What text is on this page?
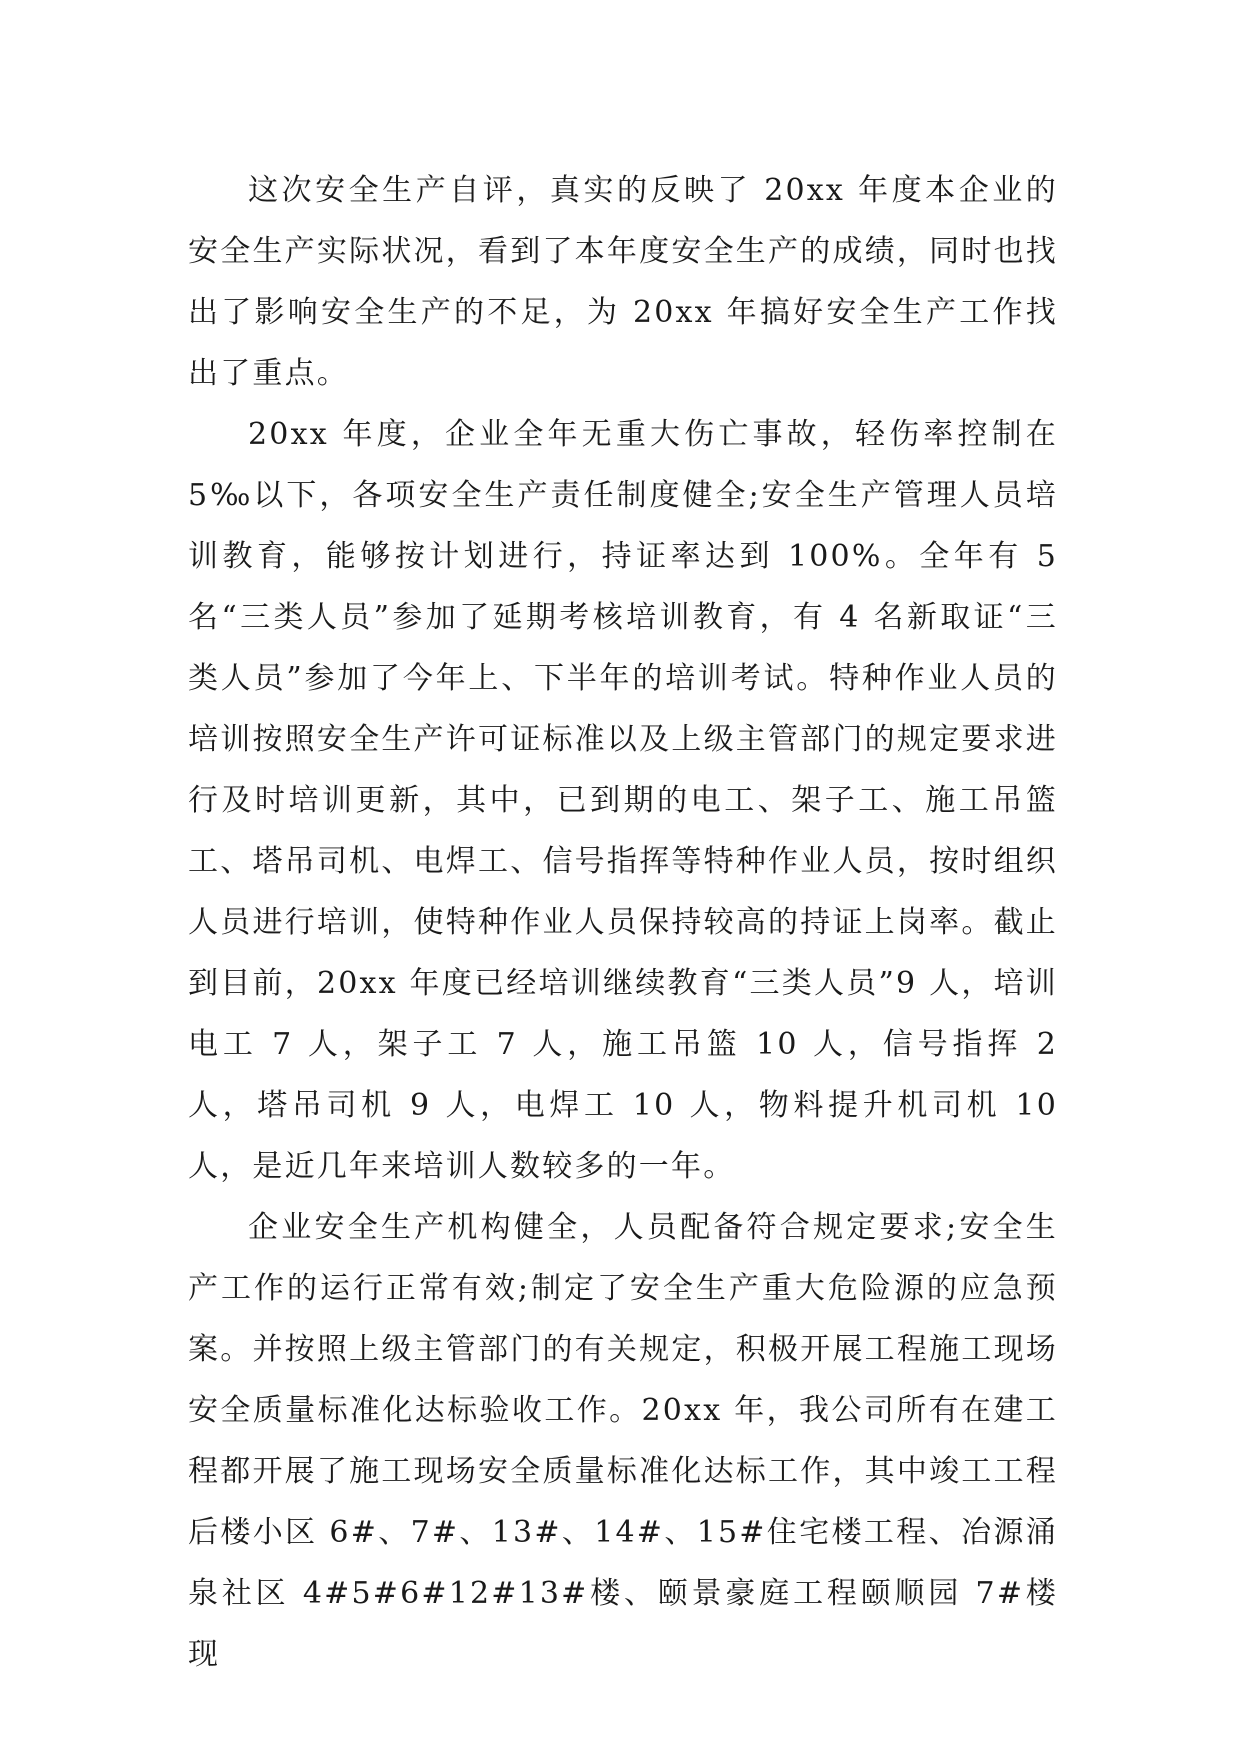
这次安全生产自评，真实的反映了 20xx 年度本企业的安全生产实际状况，看到了本年度安全生产的成绩，同时也找出了影响安全生产的不足，为 20xx 年搞好安全生产工作找出了重点。

20xx 年度，企业全年无重大伤亡事故，轻伤率控制在 5‰以下，各项安全生产责任制度健全;安全生产管理人员培训教育，能够按计划进行，持证率达到 100%。全年有 5 名“三类人员”参加了延期考核培训教育，有 4 名新取证“三类人员”参加了今年上、下半年的培训考试。特种作业人员的培训按照安全生产许可证标准以及上级主管部门的规定要求进行及时培训更新，其中，已到期的电工、架子工、施工吊篮工、塔吊司机、电焊工、信号指挥等特种作业人员，按时组织人员进行培训，使特种作业人员保持较高的持证上岗率。截止到目前，20xx 年度已经培训继续教育“三类人员”9 人，培训电工 7 人，架子工 7 人，施工吊篮 10 人，信号指挥 2 人，塔吊司机 9 人，电焊工 10 人，物料提升机司机 10 人，是近几年来培训人数较多的一年。

企业安全生产机构健全，人员配备符合规定要求;安全生产工作的运行正常有效;制定了安全生产重大危险源的应急预案。并按照上级主管部门的有关规定，积极开展工程施工现场安全质量标准化达标验收工作。20xx 年，我公司所有在建工程都开展了施工现场安全质量标准化达标工作，其中竣工工程后楼小区 6#、7#、13#、14#、15#住宅楼工程、冶源涌泉社区 4#5#6#12#13#楼、颐景豪庭工程颐顺园 7#楼现
